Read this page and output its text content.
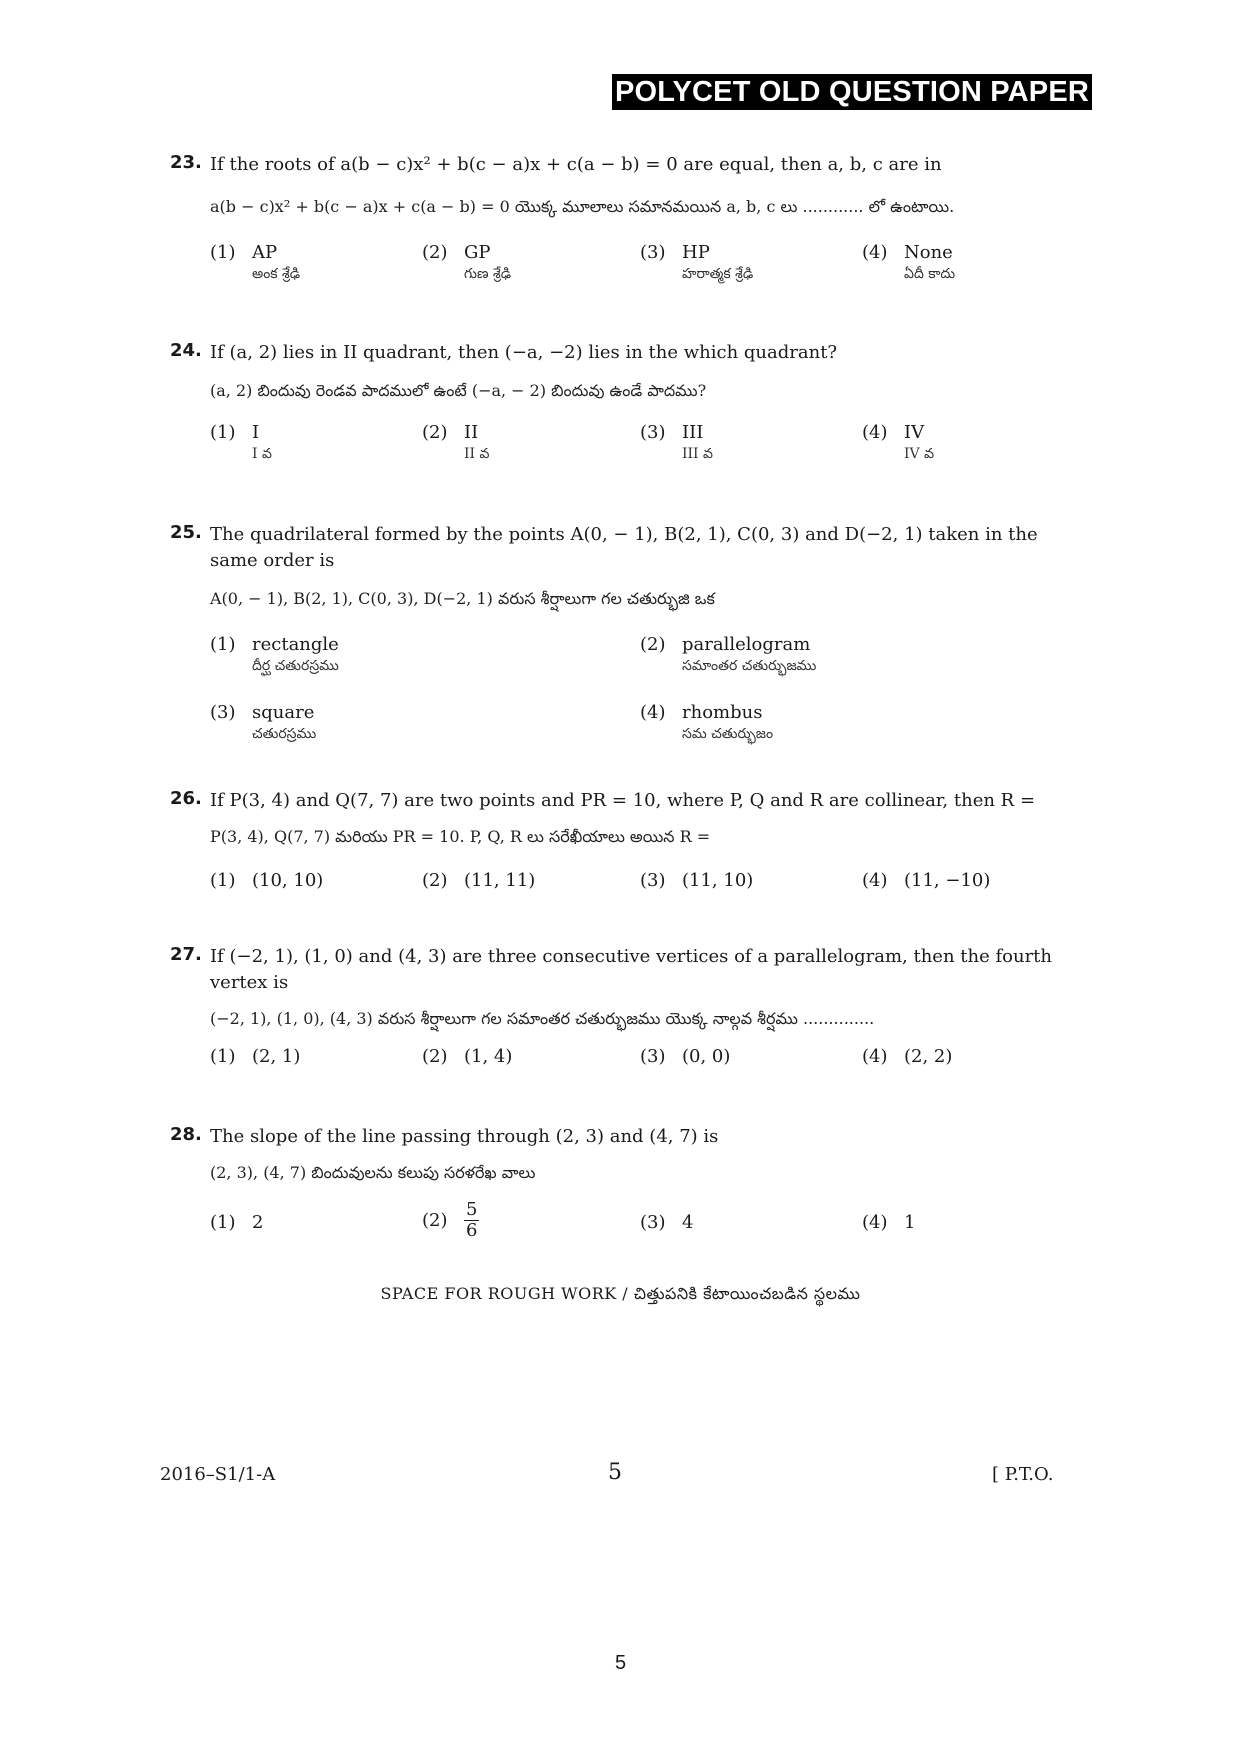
POLYCET OLD QUESTION PAPER
23. If the roots of a(b − c)x² + b(c − a)x + c(a − b) = 0 are equal, then a, b, c are in
a(b − c)x² + b(c − a)x + c(a − b) = 0 యొక్క మూలాలు సమానమయిన a, b, c లు ............ లో ఉంటాయి.
(1) AP
అంక శ్రేఢి
(2) GP
గుణ శ్రేఢి
(3) HP
హరాత్మక శ్రేఢి
(4) None
ఏదీ కాదు
24. If (a, 2) lies in II quadrant, then (−a, −2) lies in the which quadrant?
(a, 2) బిందువు రెండవ పాదములో ఉంటే (−a, − 2) బిందువు ఉండే పాదము?
(1) I
I వ
(2) II
II వ
(3) III
III వ
(4) IV
IV వ
25. The quadrilateral formed by the points A(0, − 1), B(2, 1), C(0, 3) and D(−2, 1) taken in the same order is
A(0, − 1), B(2, 1), C(0, 3), D(−2, 1) వరుస శీర్షాలుగా గల చతుర్భుజి ఒక
(1) rectangle
దీర్ఘ చతురస్రము
(2) parallelogram
సమాంతర చతుర్భుజము
(3) square
చతురస్రము
(4) rhombus
సమ చతుర్భుజం
26. If P(3, 4) and Q(7, 7) are two points and PR = 10, where P, Q and R are collinear, then R =
P(3, 4), Q(7, 7) మరియు PR = 10. P, Q, R లు సరేఖీయాలు అయిన R =
(1) (10, 10)	(2) (11, 11)	(3) (11, 10)	(4) (11, −10)
27. If (−2, 1), (1, 0) and (4, 3) are three consecutive vertices of a parallelogram, then the fourth vertex is
(−2, 1), (1, 0), (4, 3) వరుస శీర్షాలుగా గల సమాంతర చతుర్భుజము యొక్క నాల్గవ శీర్షము ..............
(1) (2, 1)	(2) (1, 4)	(3) (0, 0)	(4) (2, 2)
28. The slope of the line passing through (2, 3) and (4, 7) is
(2, 3), (4, 7) బిందువులను కలుపు సరళరేఖ వాలు
(1) 2	$(2) \frac{5}{6}$	(3) 4	(4) 1
SPACE FOR ROUGH WORK / చిత్తుపనికి కేటాయించబడిన స్థలము
2016–S1/1-A	5	[ P.T.O.
5
